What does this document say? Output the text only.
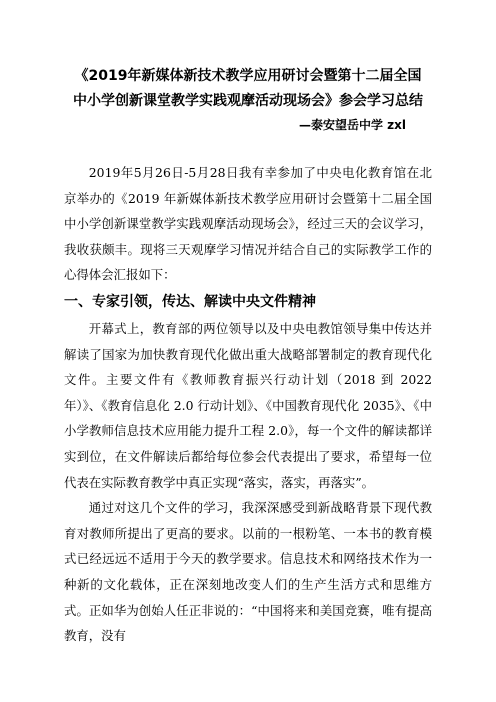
《2019年新媒体新技术教学应用研讨会暨第十二届全国
中小学创新课堂教学实践观摩活动现场会》参会学习总结
—泰安望岳中学 zxl

2019年5月26日-5月28日我有幸参加了中央电化教育馆在北京举办的《2019 年新媒体新技术教学应用研讨会暨第十二届全国中小学创新课堂教学实践观摩活动现场会》，经过三天的会议学习，我收获颇丰。现将三天观摩学习情况并结合自己的实际教学工作的心得体会汇报如下：

一、专家引领，传达、解读中央文件精神

开幕式上，教育部的两位领导以及中央电教馆领导集中传达并解读了国家为加快教育现代化做出重大战略部署制定的教育现代化文件。主要文件有《教师教育振兴行动计划（2018 到 2022 年）》、《教育信息化 2.0 行动计划》、《中国教育现代化 2035》、《中小学教师信息技术应用能力提升工程 2.0》，每一个文件的解读都详实到位，在文件解读后都给每位参会代表提出了要求，希望每一位代表在实际教育教学中真正实现“落实，落实，再落实”。

通过对这几个文件的学习，我深深感受到新战略背景下现代教育对教师所提出了更高的要求。以前的一根粉笔、一本书的教育模式已经远远不适用于今天的教学要求。信息技术和网络技术作为一种新的文化载体，正在深刻地改变人们的生产生活方式和思维方式。正如华为创始人任正非说的：“中国将来和美国竞赛，唯有提高教育，没有
